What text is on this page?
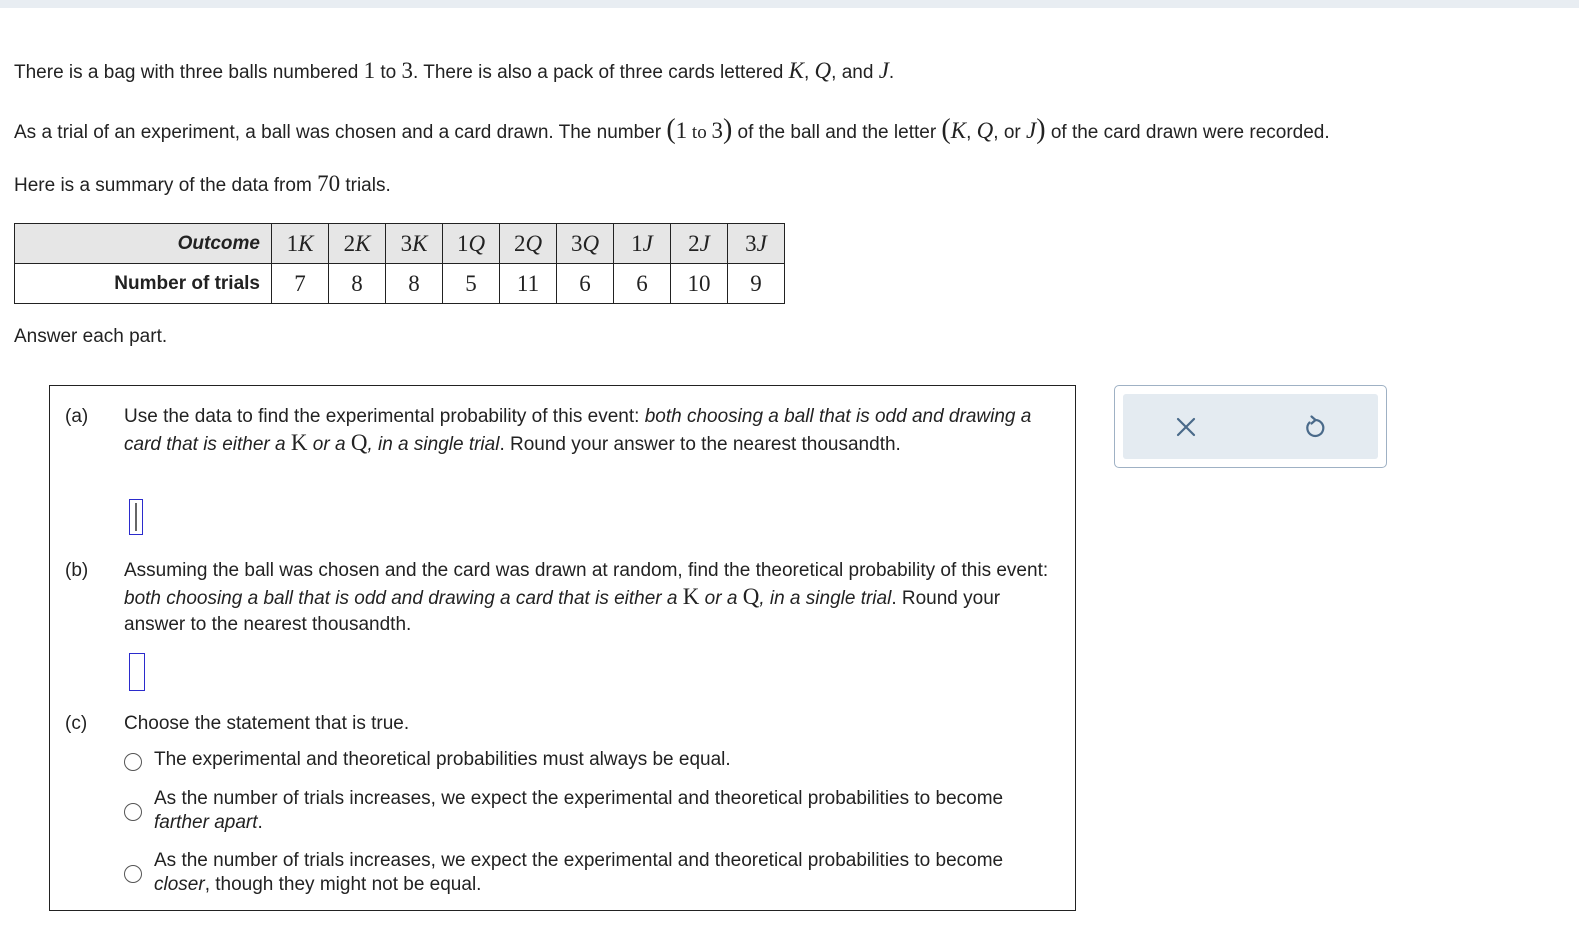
There is a bag with three balls numbered 1 to 3. There is also a pack of three cards lettered K, Q, and J.

As a trial of an experiment, a ball was chosen and a card drawn. The number (1 to 3) of the ball and the letter (K, Q, or J) of the card drawn were recorded.

Here is a summary of the data from 70 trials.

Outcome	1K	2K	3K	1Q	2Q	3Q	1J	2J	3J
Number of trials	7	8	8	5	11	6	6	10	9

Answer each part.

(a) Use the data to find the experimental probability of this event: both choosing a ball that is odd and drawing a card that is either a K or a Q, in a single trial. Round your answer to the nearest thousandth.
(b) Assuming the ball was chosen and the card was drawn at random, find the theoretical probability of this event: both choosing a ball that is odd and drawing a card that is either a K or a Q, in a single trial. Round your answer to the nearest thousandth.
(c) Choose the statement that is true.
The experimental and theoretical probabilities must always be equal.
As the number of trials increases, we expect the experimental and theoretical probabilities to become farther apart.
As the number of trials increases, we expect the experimental and theoretical probabilities to become closer, though they might not be equal.
